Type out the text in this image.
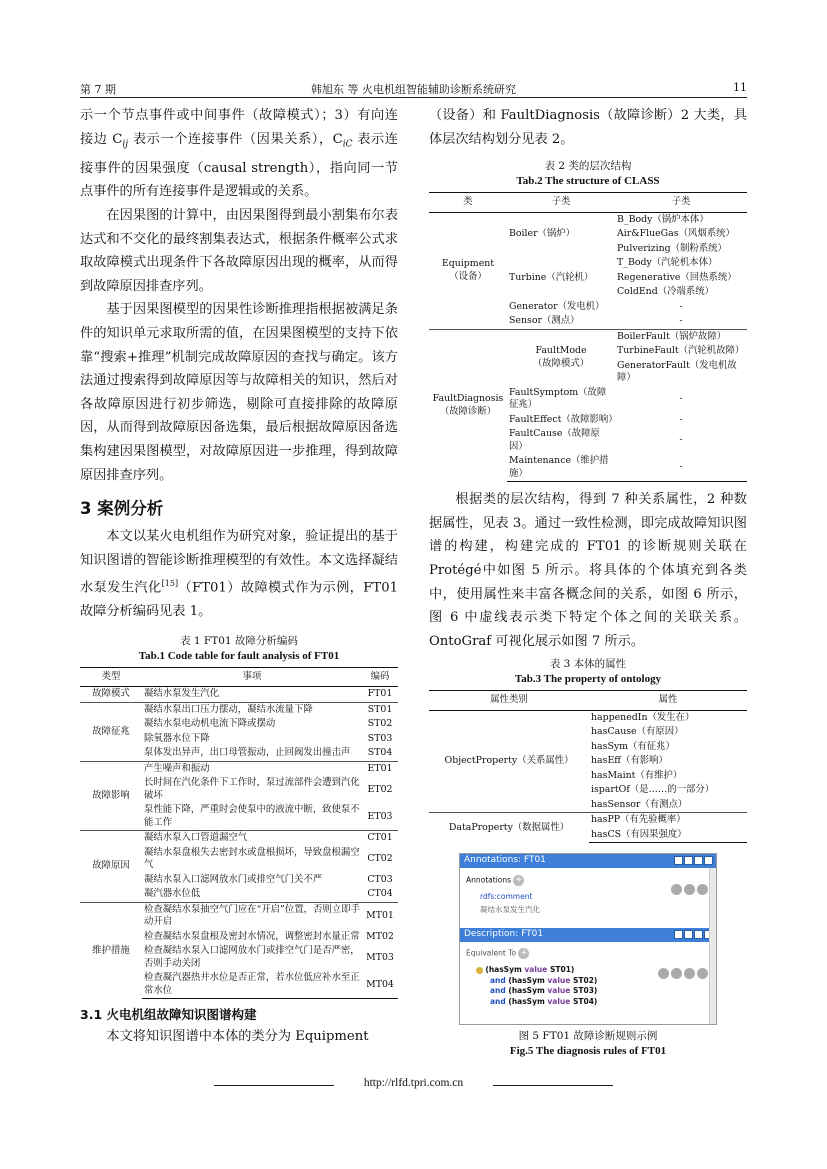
第 7 期	韩旭东 等 火电机组智能辅助诊断系统研究	11

示一个节点事件或中间事件（故障模式）；3）有向连接边 $C_{ij}$ 表示一个连接事件（因果关系），$C_{iC}$ 表示连接事件的因果强度（causal strength），指向同一节点事件的所有连接事件是逻辑或的关系。

在因果图的计算中，由因果图得到最小割集布尔表达式和不交化的最终割集表达式，根据条件概率公式求取故障模式出现条件下各故障原因出现的概率，从而得到故障原因排查序列。

基于因果图模型的因果性诊断推理指根据被满足条件的知识单元求取所需的值，在因果图模型的支持下依靠“搜索+推理”机制完成故障原因的查找与确定。该方法通过搜索得到故障原因等与故障相关的知识，然后对各故障原因进行初步筛选，剔除可直接排除的故障原因，从而得到故障原因备选集，最后根据故障原因备选集构建因果图模型，对故障原因进一步推理，得到故障原因排查序列。

3 案例分析

本文以某火电机组作为研究对象，验证提出的基于知识图谱的智能诊断推理模型的有效性。本文选择凝结水泵发生汽化[15]（FT01）故障模式作为示例，FT01 故障分析编码见表 1。

表 1 FT01 故障分析编码
Tab.1 Code table for fault analysis of FT01
类型	事项	编码
故障模式	凝结水泵发生汽化	FT01
故障征兆	凝结水泵出口压力摆动，凝结水流量下降	ST01
	凝结水泵电动机电流下降或摆动	ST02
	除氧器水位下降	ST03
	泵体发出异声，出口母管振动，止回阀发出撞击声	ST04
故障影响	产生噪声和振动	ET01
	长时间在汽化条件下工作时，泵过流部件会遭到汽化破坏	ET02
	泵性能下降，严重时会使泵中的液流中断，致使泵不能工作	ET03
故障原因	凝结水泵入口管道漏空气	CT01
	凝结水泵盘根失去密封水或盘根损坏，导致盘根漏空气	CT02
	凝结水泵入口滤网放水门或排空气门关不严	CT03
	凝汽器水位低	CT04
维护措施	检查凝结水泵抽空气门应在“开启”位置，否则立即手动开启	MT01
	检查凝结水泵盘根及密封水情况，调整密封水量正常	MT02
	检查凝结水泵入口滤网放水门或排空气门是否严密，否则手动关闭	MT03
	检查凝汽器热井水位是否正常，若水位低应补水至正常水位	MT04
3.1 火电机组故障知识图谱构建

本文将知识图谱中本体的类分为 Equipment

（设备）和 FaultDiagnosis（故障诊断）2 大类，具体层次结构划分见表 2。

表 2 类的层次结构
Tab.2 The structure of CLASS
类	子类	子类
Equipment
（设备）	Boiler（锅炉）	B_Body（锅炉本体）
		Air&FlueGas（风烟系统）
		Pulverizing（制粉系统）
	Turbine（汽轮机）	T_Body（汽轮机本体）
		Regenerative（回热系统）
		ColdEnd（冷端系统）
	Generator（发电机）	-
	Sensor（测点）	-
FaultDiagnosis
（故障诊断）	FaultMode
（故障模式）	BoilerFault（锅炉故障）
		TurbineFault（汽轮机故障）
		GeneratorFault（发电机故障）
	FaultSymptom（故障征兆）	-
	FaultEffect（故障影响）	-
	FaultCause（故障原因）	-
	Maintenance（维护措施）	-

根据类的层次结构，得到 7 种关系属性，2 种数据属性，见表 3。通过一致性检测，即完成故障知识图谱的构建，构建完成的 FT01 的诊断规则关联在 Protégé中如图 5 所示。将具体的个体填充到各类中，使用属性来丰富各概念间的关系，如图 6 所示，图 6 中虚线表示类下特定个体之间的关联关系。OntoGraf 可视化展示如图 7 所示。

表 3 本体的属性
Tab.3 The property of ontology
属性类别	属性
ObjectProperty（关系属性）	happenedIn（发生在）
	hasCause（有原因）
	hasSym（有征兆）
	hasEff（有影响）
	hasMaint（有维护）
	ispartOf（是……的一部分）
	hasSensor（有测点）
DataProperty（数据属性）	hasPP（有先验概率）
	hasCS（有因果强度）
Annotations: FT01
Annotations +
rdfs:comment
凝结水泵发生汽化
Description: FT01
Equivalent To +
(hasSym value ST01)
and (hasSym value ST02)
and (hasSym value ST03)
and (hasSym value ST04)
图 5 FT01 故障诊断规则示例
Fig.5 The diagnosis rules of FT01
http://rlfd.tpri.com.cn
